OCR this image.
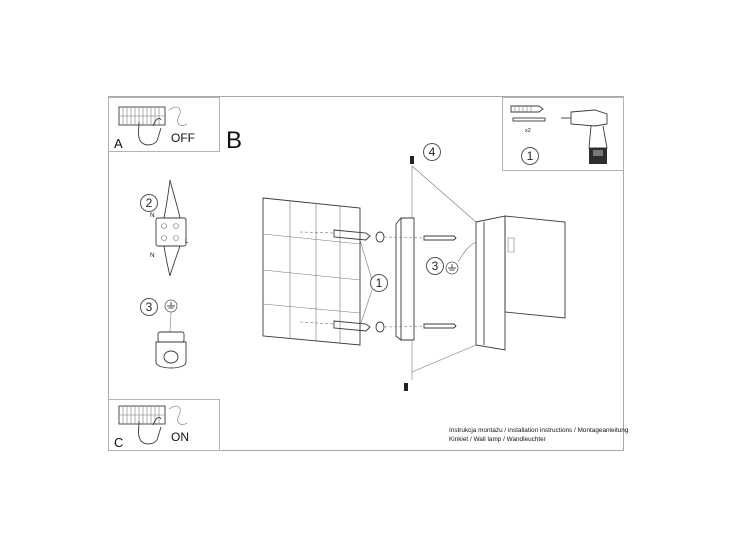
A	OFF B	x2
1
2
N
L
N
3
4
1
3
C	ON	Instrukcja montażu / installation instructions / Montageanleitung
Kinkiet / Wall lamp / Wandleuchter
